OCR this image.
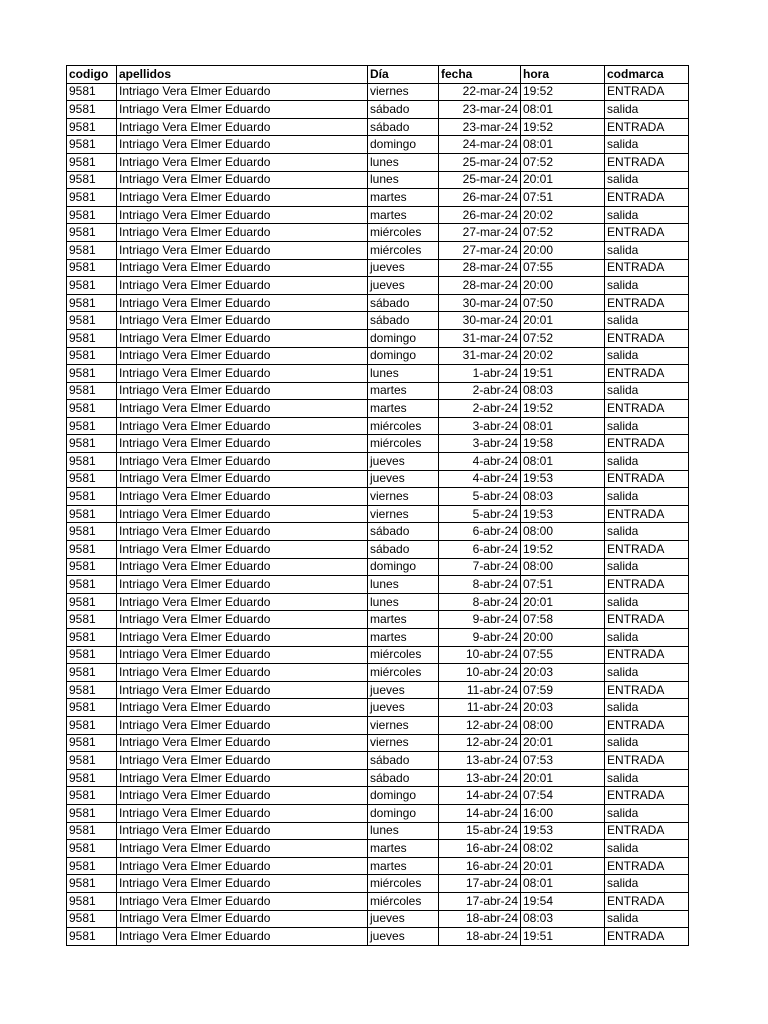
codigo	apellidos	Día	fecha	hora	codmarca
9581	Intriago Vera Elmer Eduardo	viernes	22-mar-24	19:52	ENTRADA
9581	Intriago Vera Elmer Eduardo	sábado	23-mar-24	08:01	salida
9581	Intriago Vera Elmer Eduardo	sábado	23-mar-24	19:52	ENTRADA
9581	Intriago Vera Elmer Eduardo	domingo	24-mar-24	08:01	salida
9581	Intriago Vera Elmer Eduardo	lunes	25-mar-24	07:52	ENTRADA
9581	Intriago Vera Elmer Eduardo	lunes	25-mar-24	20:01	salida
9581	Intriago Vera Elmer Eduardo	martes	26-mar-24	07:51	ENTRADA
9581	Intriago Vera Elmer Eduardo	martes	26-mar-24	20:02	salida
9581	Intriago Vera Elmer Eduardo	miércoles	27-mar-24	07:52	ENTRADA
9581	Intriago Vera Elmer Eduardo	miércoles	27-mar-24	20:00	salida
9581	Intriago Vera Elmer Eduardo	jueves	28-mar-24	07:55	ENTRADA
9581	Intriago Vera Elmer Eduardo	jueves	28-mar-24	20:00	salida
9581	Intriago Vera Elmer Eduardo	sábado	30-mar-24	07:50	ENTRADA
9581	Intriago Vera Elmer Eduardo	sábado	30-mar-24	20:01	salida
9581	Intriago Vera Elmer Eduardo	domingo	31-mar-24	07:52	ENTRADA
9581	Intriago Vera Elmer Eduardo	domingo	31-mar-24	20:02	salida
9581	Intriago Vera Elmer Eduardo	lunes	1-abr-24	19:51	ENTRADA
9581	Intriago Vera Elmer Eduardo	martes	2-abr-24	08:03	salida
9581	Intriago Vera Elmer Eduardo	martes	2-abr-24	19:52	ENTRADA
9581	Intriago Vera Elmer Eduardo	miércoles	3-abr-24	08:01	salida
9581	Intriago Vera Elmer Eduardo	miércoles	3-abr-24	19:58	ENTRADA
9581	Intriago Vera Elmer Eduardo	jueves	4-abr-24	08:01	salida
9581	Intriago Vera Elmer Eduardo	jueves	4-abr-24	19:53	ENTRADA
9581	Intriago Vera Elmer Eduardo	viernes	5-abr-24	08:03	salida
9581	Intriago Vera Elmer Eduardo	viernes	5-abr-24	19:53	ENTRADA
9581	Intriago Vera Elmer Eduardo	sábado	6-abr-24	08:00	salida
9581	Intriago Vera Elmer Eduardo	sábado	6-abr-24	19:52	ENTRADA
9581	Intriago Vera Elmer Eduardo	domingo	7-abr-24	08:00	salida
9581	Intriago Vera Elmer Eduardo	lunes	8-abr-24	07:51	ENTRADA
9581	Intriago Vera Elmer Eduardo	lunes	8-abr-24	20:01	salida
9581	Intriago Vera Elmer Eduardo	martes	9-abr-24	07:58	ENTRADA
9581	Intriago Vera Elmer Eduardo	martes	9-abr-24	20:00	salida
9581	Intriago Vera Elmer Eduardo	miércoles	10-abr-24	07:55	ENTRADA
9581	Intriago Vera Elmer Eduardo	miércoles	10-abr-24	20:03	salida
9581	Intriago Vera Elmer Eduardo	jueves	11-abr-24	07:59	ENTRADA
9581	Intriago Vera Elmer Eduardo	jueves	11-abr-24	20:03	salida
9581	Intriago Vera Elmer Eduardo	viernes	12-abr-24	08:00	ENTRADA
9581	Intriago Vera Elmer Eduardo	viernes	12-abr-24	20:01	salida
9581	Intriago Vera Elmer Eduardo	sábado	13-abr-24	07:53	ENTRADA
9581	Intriago Vera Elmer Eduardo	sábado	13-abr-24	20:01	salida
9581	Intriago Vera Elmer Eduardo	domingo	14-abr-24	07:54	ENTRADA
9581	Intriago Vera Elmer Eduardo	domingo	14-abr-24	16:00	salida
9581	Intriago Vera Elmer Eduardo	lunes	15-abr-24	19:53	ENTRADA
9581	Intriago Vera Elmer Eduardo	martes	16-abr-24	08:02	salida
9581	Intriago Vera Elmer Eduardo	martes	16-abr-24	20:01	ENTRADA
9581	Intriago Vera Elmer Eduardo	miércoles	17-abr-24	08:01	salida
9581	Intriago Vera Elmer Eduardo	miércoles	17-abr-24	19:54	ENTRADA
9581	Intriago Vera Elmer Eduardo	jueves	18-abr-24	08:03	salida
9581	Intriago Vera Elmer Eduardo	jueves	18-abr-24	19:51	ENTRADA
